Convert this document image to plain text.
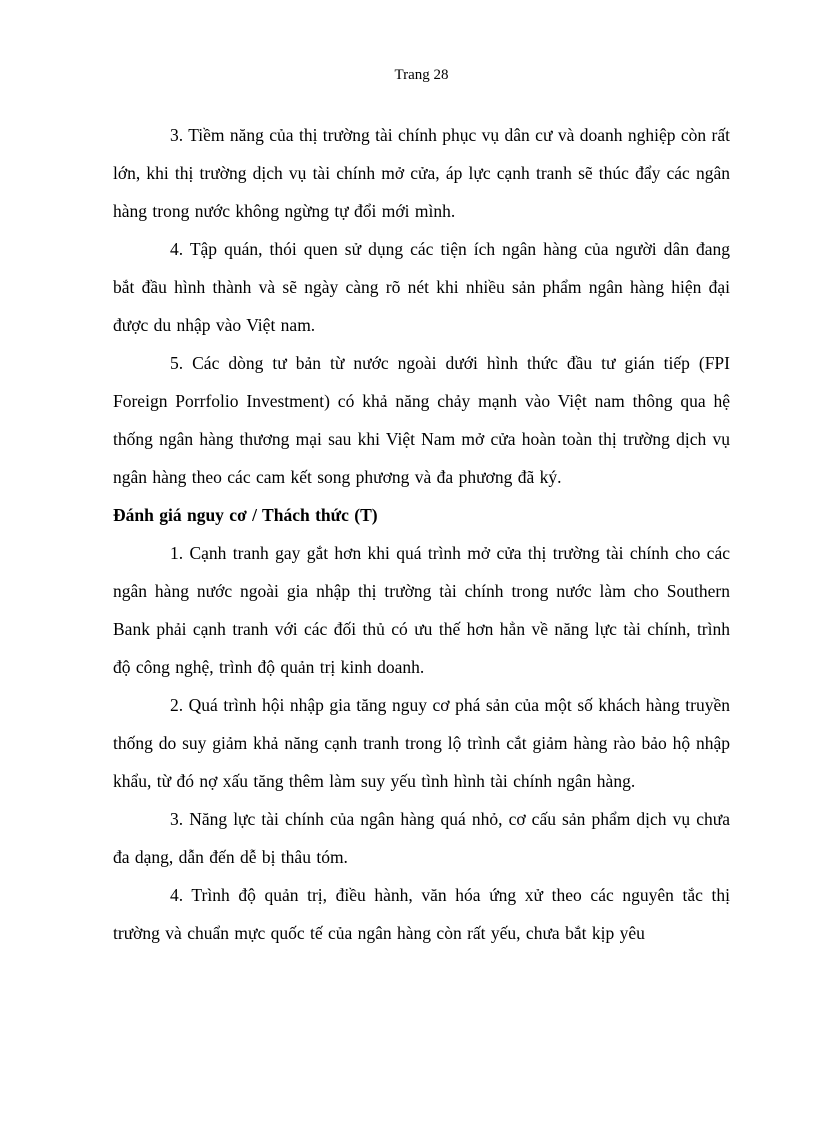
Trang 28

3. Tiềm năng của thị trường tài chính phục vụ dân cư và doanh nghiệp còn rất lớn, khi thị trường dịch vụ tài chính mở cửa, áp lực cạnh tranh sẽ thúc đẩy các ngân hàng trong nước không ngừng tự đổi mới mình.

4. Tập quán, thói quen sử dụng các tiện ích ngân hàng của người dân đang bắt đầu hình thành và sẽ ngày càng rõ nét khi nhiều sản phẩm ngân hàng hiện đại được du nhập vào Việt nam.

5. Các dòng tư bản từ nước ngoài dưới hình thức đầu tư gián tiếp (FPI Foreign Porrfolio Investment) có khả năng chảy mạnh vào Việt nam thông qua hệ thống ngân hàng thương mại sau khi Việt Nam mở cửa hoàn toàn thị trường dịch vụ ngân hàng theo các cam kết song phương và đa phương đã ký.

Đánh giá nguy cơ / Thách thức (T)

1. Cạnh tranh gay gắt hơn khi quá trình mở cửa thị trường tài chính cho các ngân hàng nước ngoài gia nhập thị trường tài chính trong nước làm cho Southern Bank phải cạnh tranh với các đối thủ có ưu thế hơn hẳn về năng lực tài chính, trình độ công nghệ, trình độ quản trị kinh doanh.

2. Quá trình hội nhập gia tăng nguy cơ phá sản của một số khách hàng truyền thống do suy giảm khả năng cạnh tranh trong lộ trình cắt giảm hàng rào bảo hộ nhập khẩu, từ đó nợ xấu tăng thêm làm suy yếu tình hình tài chính ngân hàng.

3. Năng lực tài chính của ngân hàng quá nhỏ, cơ cấu sản phẩm dịch vụ chưa đa dạng, dẫn đến dễ bị thâu tóm.

4. Trình độ quản trị, điều hành, văn hóa ứng xử theo các nguyên tắc thị trường và chuẩn mực quốc tế của ngân hàng còn rất yếu, chưa bắt kịp yêu
